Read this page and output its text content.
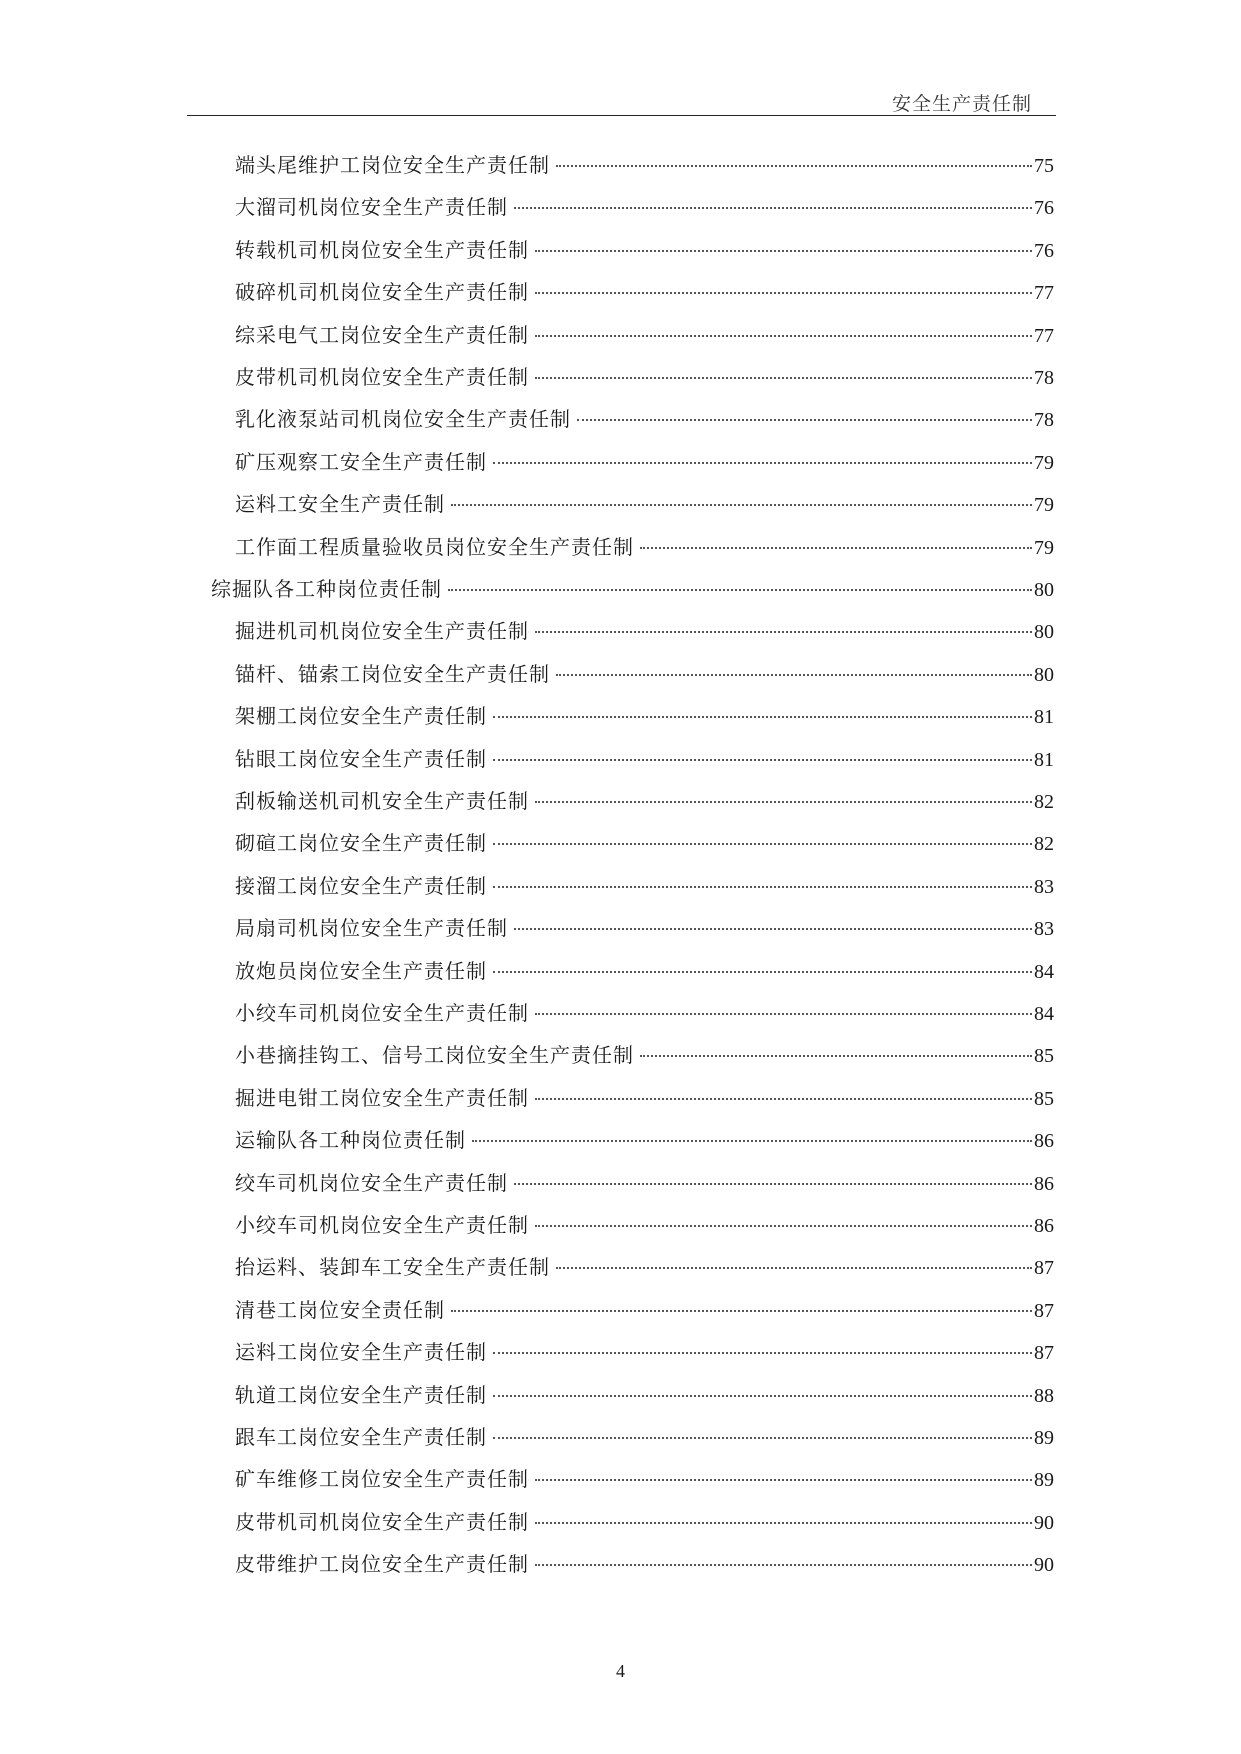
安全生产责任制
端头尾维护工岗位安全生产责任制	75
大溜司机岗位安全生产责任制	76
转载机司机岗位安全生产责任制	76
破碎机司机岗位安全生产责任制	77
综采电气工岗位安全生产责任制	77
皮带机司机岗位安全生产责任制	78
乳化液泵站司机岗位安全生产责任制	78
矿压观察工安全生产责任制	79
运料工安全生产责任制	79
工作面工程质量验收员岗位安全生产责任制	79
综掘队各工种岗位责任制	80
掘进机司机岗位安全生产责任制	80
锚杆、锚索工岗位安全生产责任制	80
架棚工岗位安全生产责任制	81
钻眼工岗位安全生产责任制	81
刮板输送机司机安全生产责任制	82
砌碹工岗位安全生产责任制	82
接溜工岗位安全生产责任制	83
局扇司机岗位安全生产责任制	83
放炮员岗位安全生产责任制	84
小绞车司机岗位安全生产责任制	84
小巷摘挂钩工、信号工岗位安全生产责任制	85
掘进电钳工岗位安全生产责任制	85
运输队各工种岗位责任制	86
绞车司机岗位安全生产责任制	86
小绞车司机岗位安全生产责任制	86
抬运料、装卸车工安全生产责任制	87
清巷工岗位安全责任制	87
运料工岗位安全生产责任制	87
轨道工岗位安全生产责任制	88
跟车工岗位安全生产责任制	89
矿车维修工岗位安全生产责任制	89
皮带机司机岗位安全生产责任制	90
皮带维护工岗位安全生产责任制	90
4
